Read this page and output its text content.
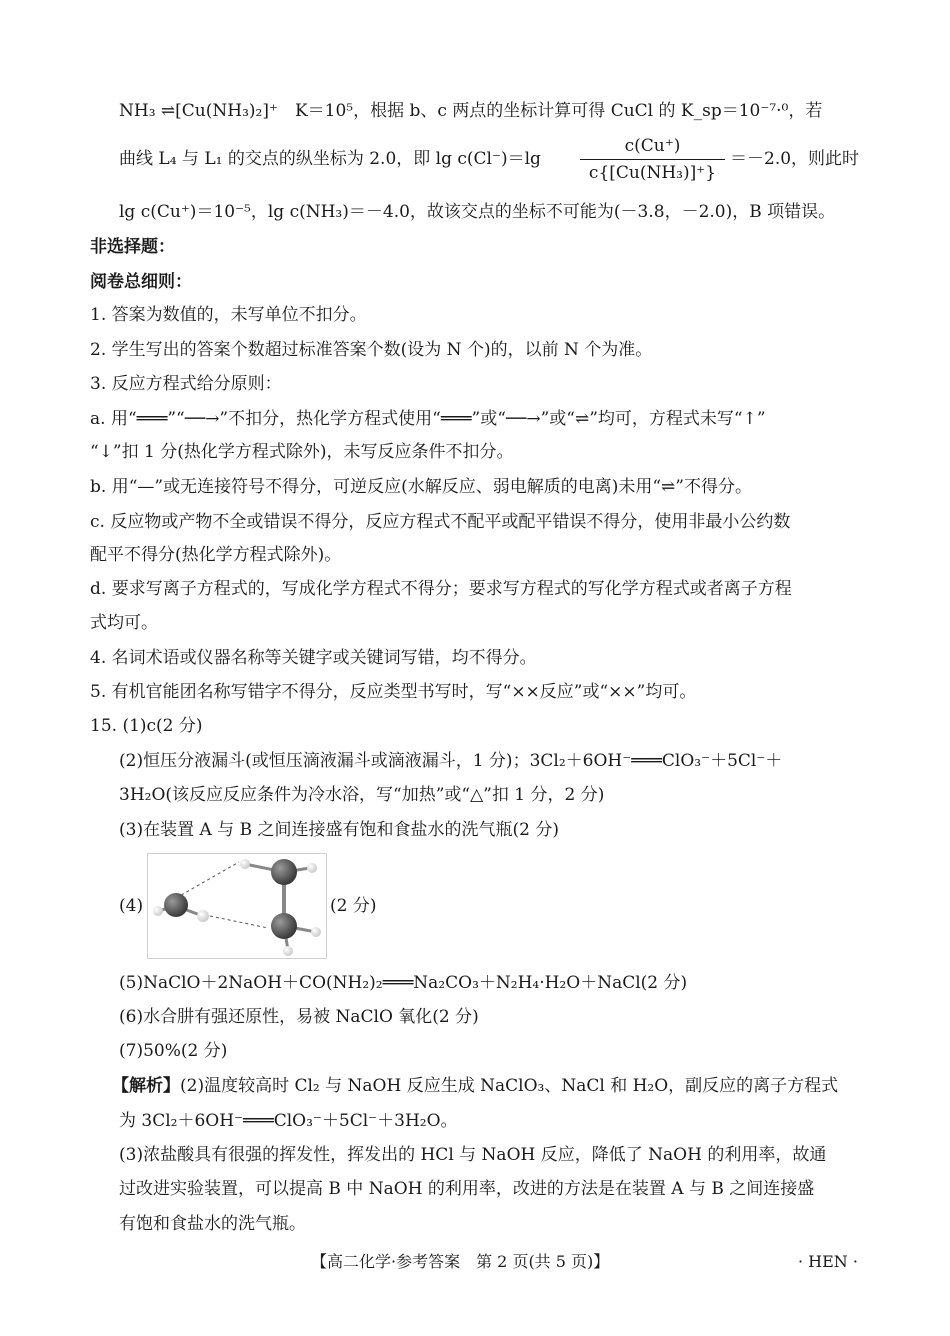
NH₃ ⇌[Cu(NH₃)₂]⁺　K＝10⁵，根据 b、c 两点的坐标计算可得 CuCl 的 K_sp＝10⁻⁷·⁰，若
曲线 L₄ 与 L₁ 的交点的纵坐标为 2.0，即 lg c(Cl⁻)＝lg
c(Cu⁺)
c{[Cu(NH₃)]⁺}
＝－2.0，则此时
lg c(Cu⁺)＝10⁻⁵，lg c(NH₃)＝－4.0，故该交点的坐标不可能为(－3.8，－2.0)，B 项错误。
非选择题：
阅卷总细则：
1. 答案为数值的，未写单位不扣分。
2. 学生写出的答案个数超过标准答案个数(设为 N 个)的，以前 N 个为准。
3. 反应方程式给分原则：
a. 用“═══”“──→”不扣分，热化学方程式使用“═══”或“──→”或“⇌”均可，方程式未写“↑”
“↓”扣 1 分(热化学方程式除外)，未写反应条件不扣分。
b. 用“—”或无连接符号不得分，可逆反应(水解反应、弱电解质的电离)未用“⇌”不得分。
c. 反应物或产物不全或错误不得分，反应方程式不配平或配平错误不得分，使用非最小公约数
配平不得分(热化学方程式除外)。
d. 要求写离子方程式的，写成化学方程式不得分；要求写方程式的写化学方程式或者离子方程
式均可。
4. 名词术语或仪器名称等关键字或关键词写错，均不得分。
5. 有机官能团名称写错字不得分，反应类型书写时，写“××反应”或“××”均可。
15. (1)c(2 分)
(2)恒压分液漏斗(或恒压滴液漏斗或滴液漏斗，1 分)；3Cl₂＋6OH⁻═══ClO₃⁻＋5Cl⁻＋
3H₂O(该反应反应条件为冷水浴，写“加热”或“△”扣 1 分，2 分)
(3)在装置 A 与 B 之间连接盛有饱和食盐水的洗气瓶(2 分)
(4)	(2 分)
(5)NaClO＋2NaOH＋CO(NH₂)₂═══Na₂CO₃＋N₂H₄·H₂O＋NaCl(2 分)
(6)水合肼有强还原性，易被 NaClO 氧化(2 分)
(7)50%(2 分)
【解析】(2)温度较高时 Cl₂ 与 NaOH 反应生成 NaClO₃、NaCl 和 H₂O，副反应的离子方程式
为 3Cl₂＋6OH⁻═══ClO₃⁻＋5Cl⁻＋3H₂O。
(3)浓盐酸具有很强的挥发性，挥发出的 HCl 与 NaOH 反应，降低了 NaOH 的利用率，故通
过改进实验装置，可以提高 B 中 NaOH 的利用率，改进的方法是在装置 A 与 B 之间连接盛
有饱和食盐水的洗气瓶。
【高二化学·参考答案　第 2 页(共 5 页)】	· HEN ·
